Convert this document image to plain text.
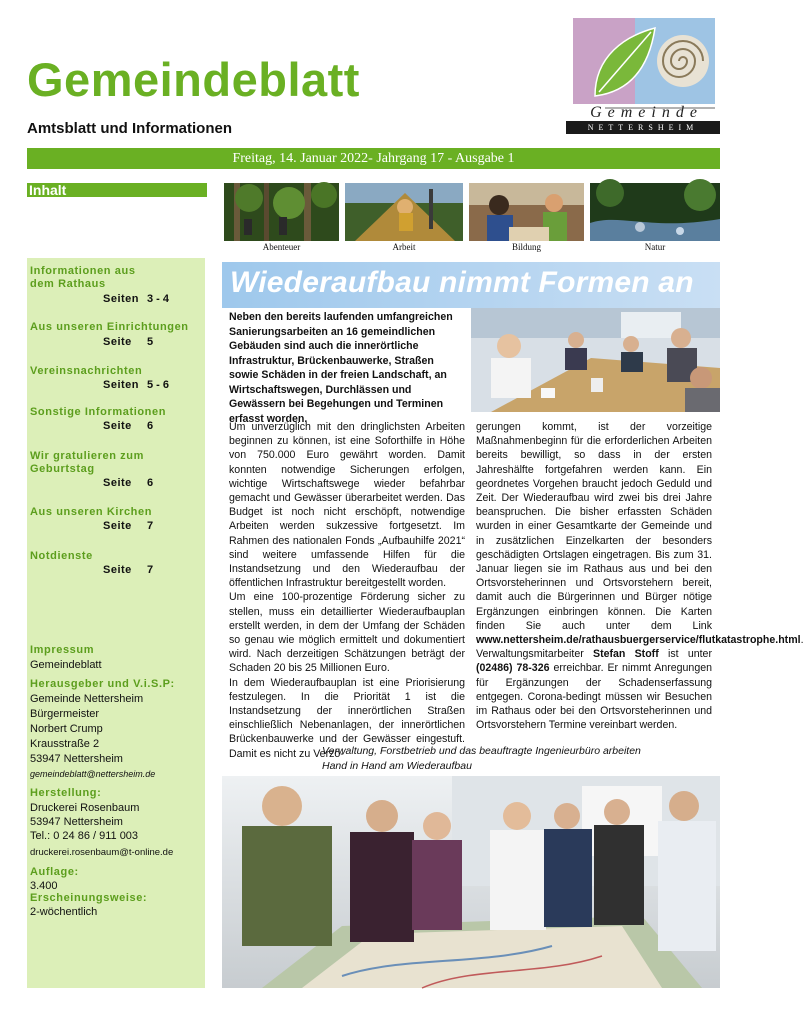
Gemeindeblatt
Amtsblatt und Informationen
Gemeinde
NETTERSHEIM
Freitag, 14. Januar 2022- Jahrgang 17 - Ausgabe 1
Inhalt
Informationen aus dem Rathaus
Seiten 3 - 4
Aus unseren Einrichtungen
Seite 5
Vereinsnachrichten
Seiten 5 - 6
Sonstige Informationen
Seite 6
Wir gratulieren zum Geburtstag
Seite 6
Aus unseren Kirchen
Seite 7
Notdienste
Seite 7
Impressum
Gemeindeblatt
Herausgeber und V.i.S.P:
Gemeinde Nettersheim
Bürgermeister
Norbert Crump
Krausstraße 2
53947 Nettersheim
gemeindeblatt@nettersheim.de
Herstellung:
Druckerei Rosenbaum
53947 Nettersheim
Tel.: 0 24 86 / 911 003
druckerei.rosenbaum@t-online.de
Auflage:
3.400
Erscheinungsweise:
2-wöchentlich
Abenteuer	Arbeit	Bildung	Natur
Wiederaufbau nimmt Formen an
Neben den bereits laufenden umfangreichen Sanierungsarbeiten an 16 gemeindlichen Gebäuden sind auch die innerörtliche Infrastruktur, Brückenbauwerke, Straßen sowie Schäden in der freien Landschaft, an Wirtschaftswegen, Durchlässen und Gewässern bei Begehungen und Terminen erfasst worden.

Um unverzüglich mit den dringlichsten Arbeiten beginnen zu können, ist eine Soforthilfe in Höhe von 750.000 Euro gewährt worden. Damit konnten notwendige Sicherungen erfolgen, wichtige Wirtschaftswege wieder befahrbar gemacht und Gewässer überarbeitet werden. Das Budget ist noch nicht erschöpft, notwendige Arbeiten werden sukzessive fortgesetzt. Im Rahmen des nationalen Fonds „Aufbauhilfe 2021“ sind weitere umfassende Hilfen für die Instandsetzung und den Wiederaufbau der öffentlichen Infrastruktur bereitgestellt worden.

Um eine 100-prozentige Förderung sicher zu stellen, muss ein detaillierter Wiederaufbauplan erstellt werden, in dem der Umfang der Schäden so genau wie möglich ermittelt und dokumentiert wird. Nach derzeitigen Schätzungen beträgt der Schaden 20 bis 25 Millionen Euro.

In dem Wiederaufbauplan ist eine Priorisierung festzulegen. In die Priorität 1 ist die Instandsetzung der innerörtlichen Straßen einschließlich Nebenanlagen, der innerörtlichen Brückenbauwerke und der Gewässer eingestuft. Damit es nicht zu Verzö-

gerungen kommt, ist der vorzeitige Maßnahmenbeginn für die erforderlichen Arbeiten bereits bewilligt, so dass in der ersten Jahreshälfte fortgefahren werden kann. Ein geordnetes Vorgehen braucht jedoch Geduld und Zeit. Der Wiederaufbau wird zwei bis drei Jahre beanspruchen. Die bisher erfassten Schäden wurden in einer Gesamtkarte der Gemeinde und in zusätzlichen Einzelkarten der besonders geschädigten Ortslagen eingetragen. Bis zum 31. Januar liegen sie im Rathaus aus und bei den Ortsvorsteherinnen und Ortsvorstehern bereit, damit auch die Bürgerinnen und Bürger nötige Ergänzungen einbringen können. Die Karten finden Sie auch unter dem Link www.nettersheim.de/rathausbuergerservice/flutkatastrophe.html. Verwaltungsmitarbeiter Stefan Stoff ist unter (02486) 78-326 erreichbar. Er nimmt Anregungen für Ergänzungen der Schadenserfassung entgegen. Corona-bedingt müssen wir Besuchen im Rathaus oder bei den Ortsvorsteherinnen und Ortsvorstehern Termine vereinbart werden.

Verwaltung, Forstbetrieb und das beauftragte Ingenieurbüro arbeiten Hand in Hand am Wiederaufbau
